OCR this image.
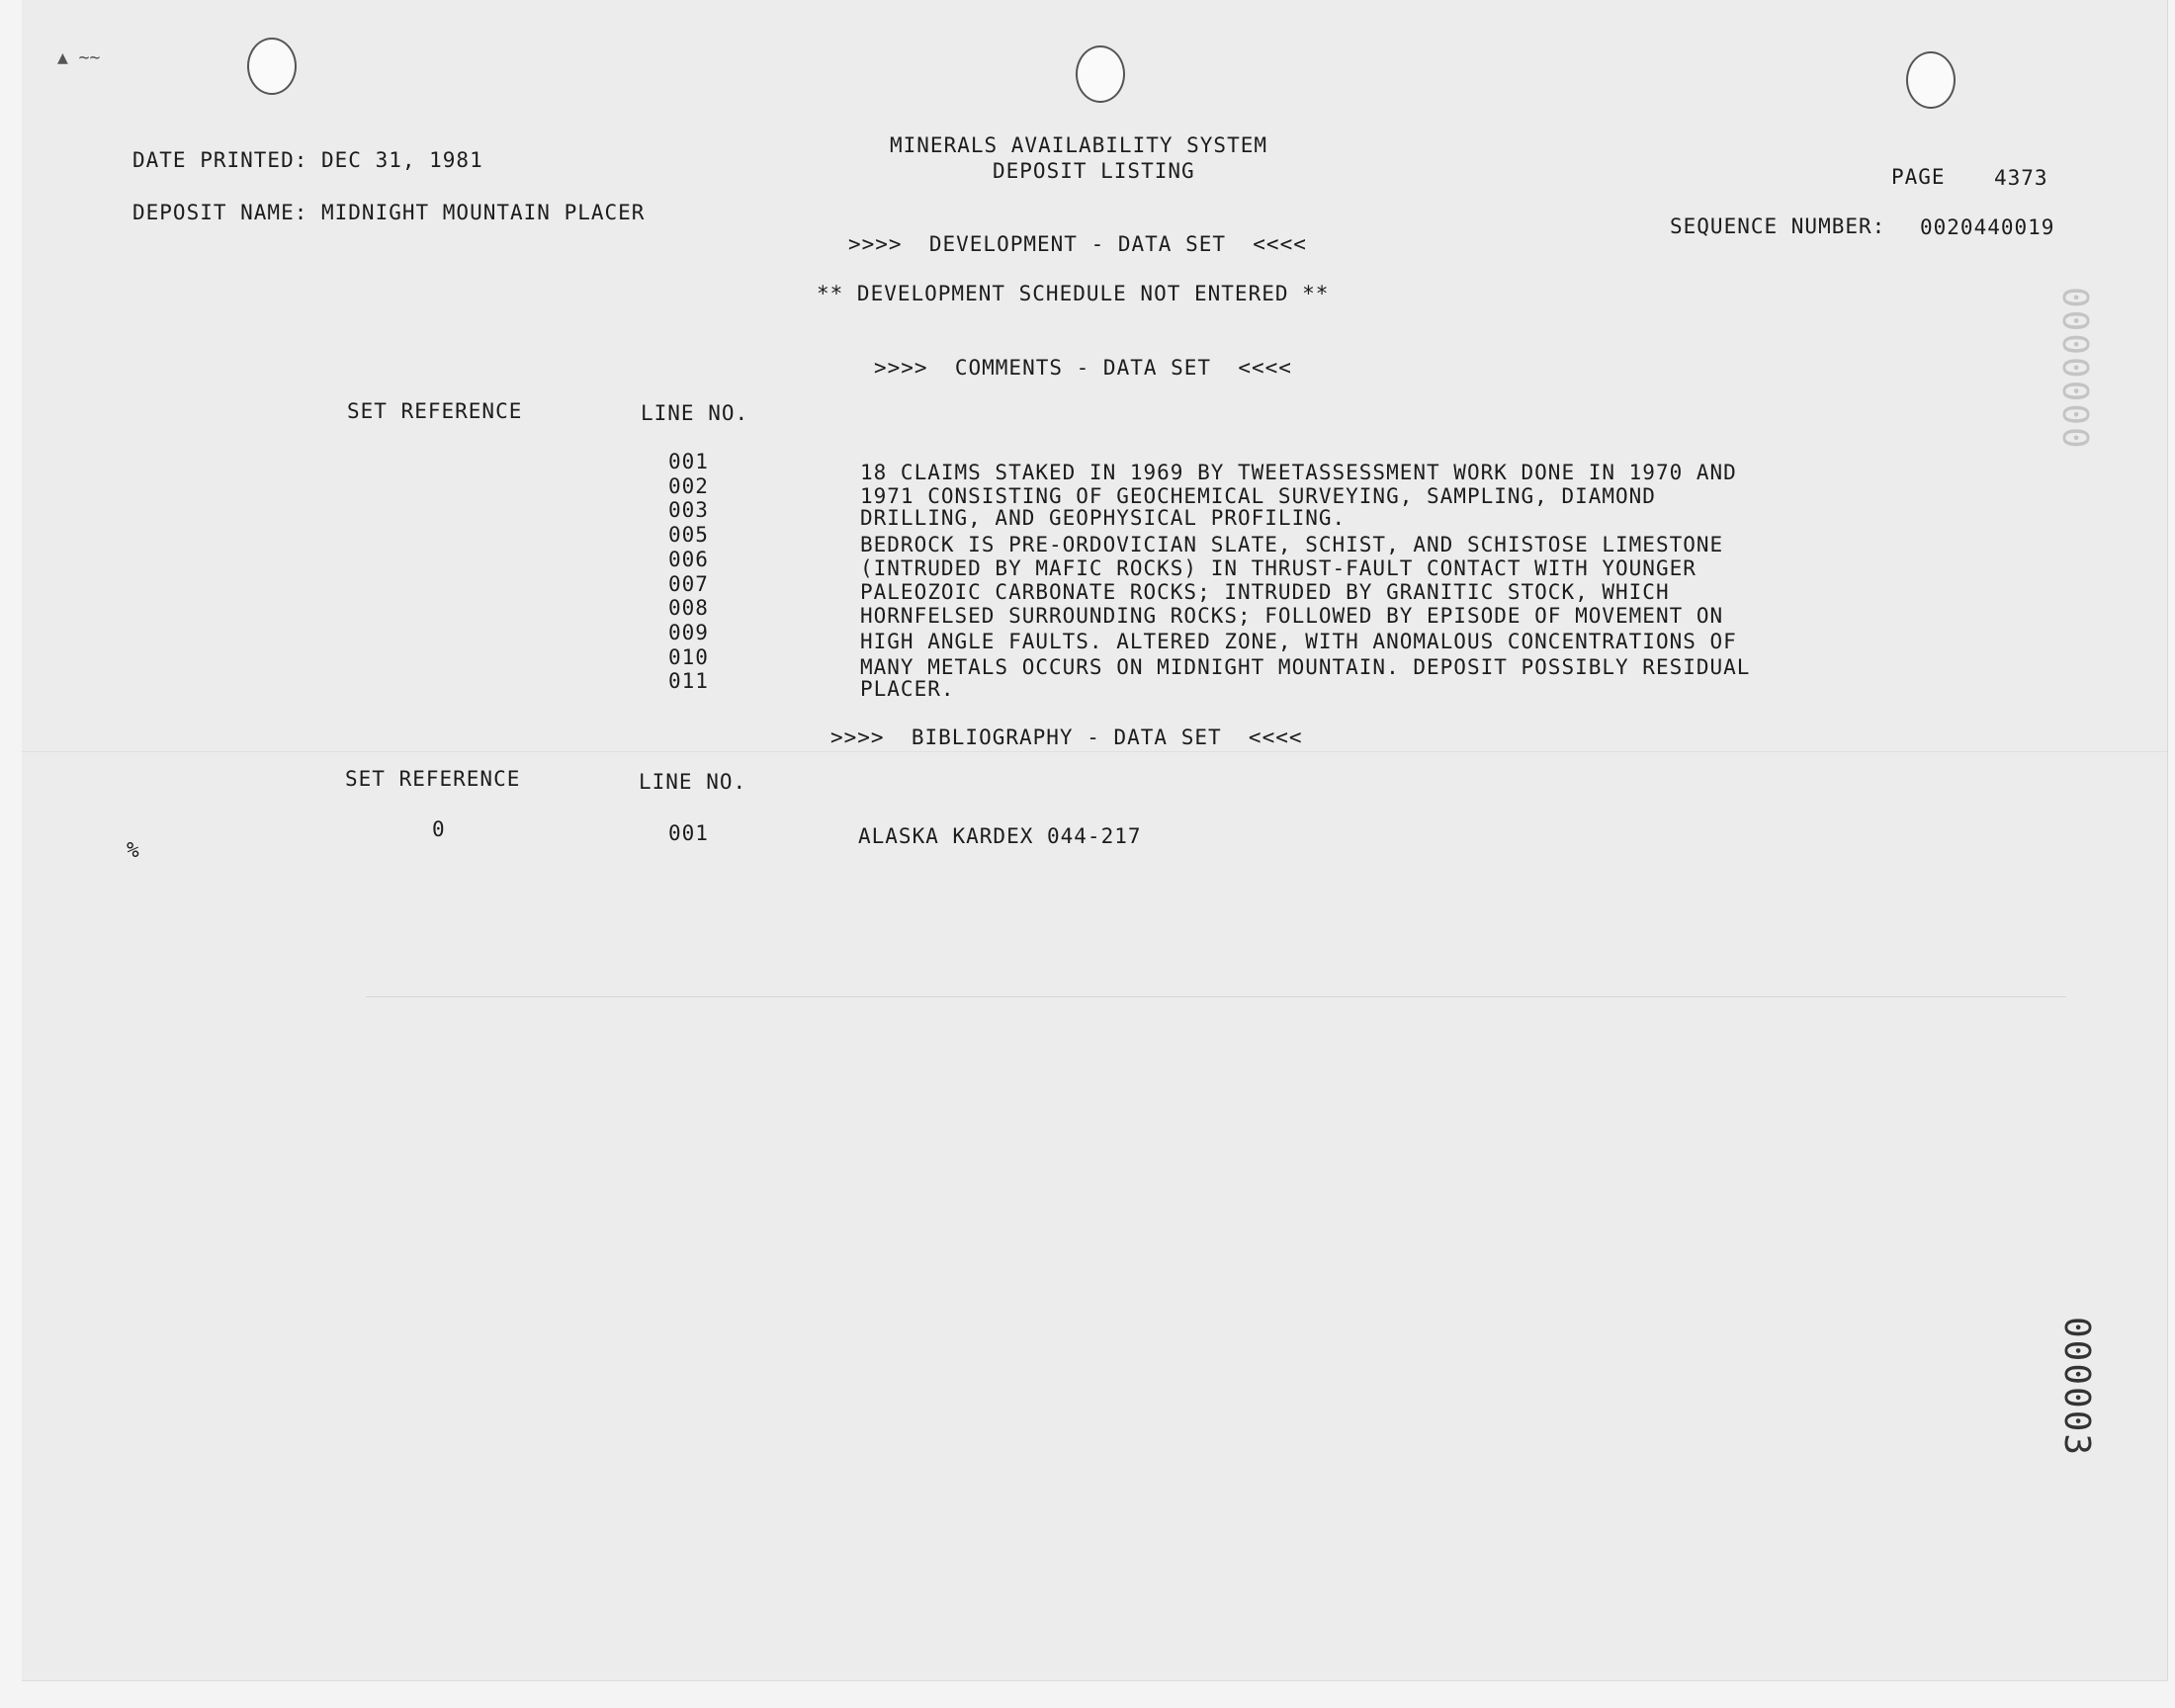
▲ ∼∼
DATE PRINTED: DEC 31, 1981
DEPOSIT NAME: MIDNIGHT MOUNTAIN PLACER
MINERALS AVAILABILITY SYSTEM
DEPOSIT LISTING	PAGE 4373
SEQUENCE NUMBER: 0020440019
>>>>  DEVELOPMENT - DATA SET  <<<<
** DEVELOPMENT SCHEDULE NOT ENTERED **
>>>>  COMMENTS - DATA SET  <<<<
SET REFERENCE	LINE NO.
001	18 CLAIMS STAKED IN 1969 BY TWEETASSESSMENT WORK DONE IN 1970 AND
002	1971 CONSISTING OF GEOCHEMICAL SURVEYING, SAMPLING, DIAMOND
003	DRILLING, AND GEOPHYSICAL PROFILING.
005	BEDROCK IS PRE-ORDOVICIAN SLATE, SCHIST, AND SCHISTOSE LIMESTONE
006	(INTRUDED BY MAFIC ROCKS) IN THRUST-FAULT CONTACT WITH YOUNGER
007	PALEOZOIC CARBONATE ROCKS; INTRUDED BY GRANITIC STOCK, WHICH
008	HORNFELSED SURROUNDING ROCKS; FOLLOWED BY EPISODE OF MOVEMENT ON
009	HIGH ANGLE FAULTS. ALTERED ZONE, WITH ANOMALOUS CONCENTRATIONS OF
010	MANY METALS OCCURS ON MIDNIGHT MOUNTAIN. DEPOSIT POSSIBLY RESIDUAL
011	PLACER.
>>>>  BIBLIOGRAPHY - DATA SET  <<<<
SET REFERENCE	LINE NO.
0	001	ALASKA KARDEX 044-217
%
0000000
000003
